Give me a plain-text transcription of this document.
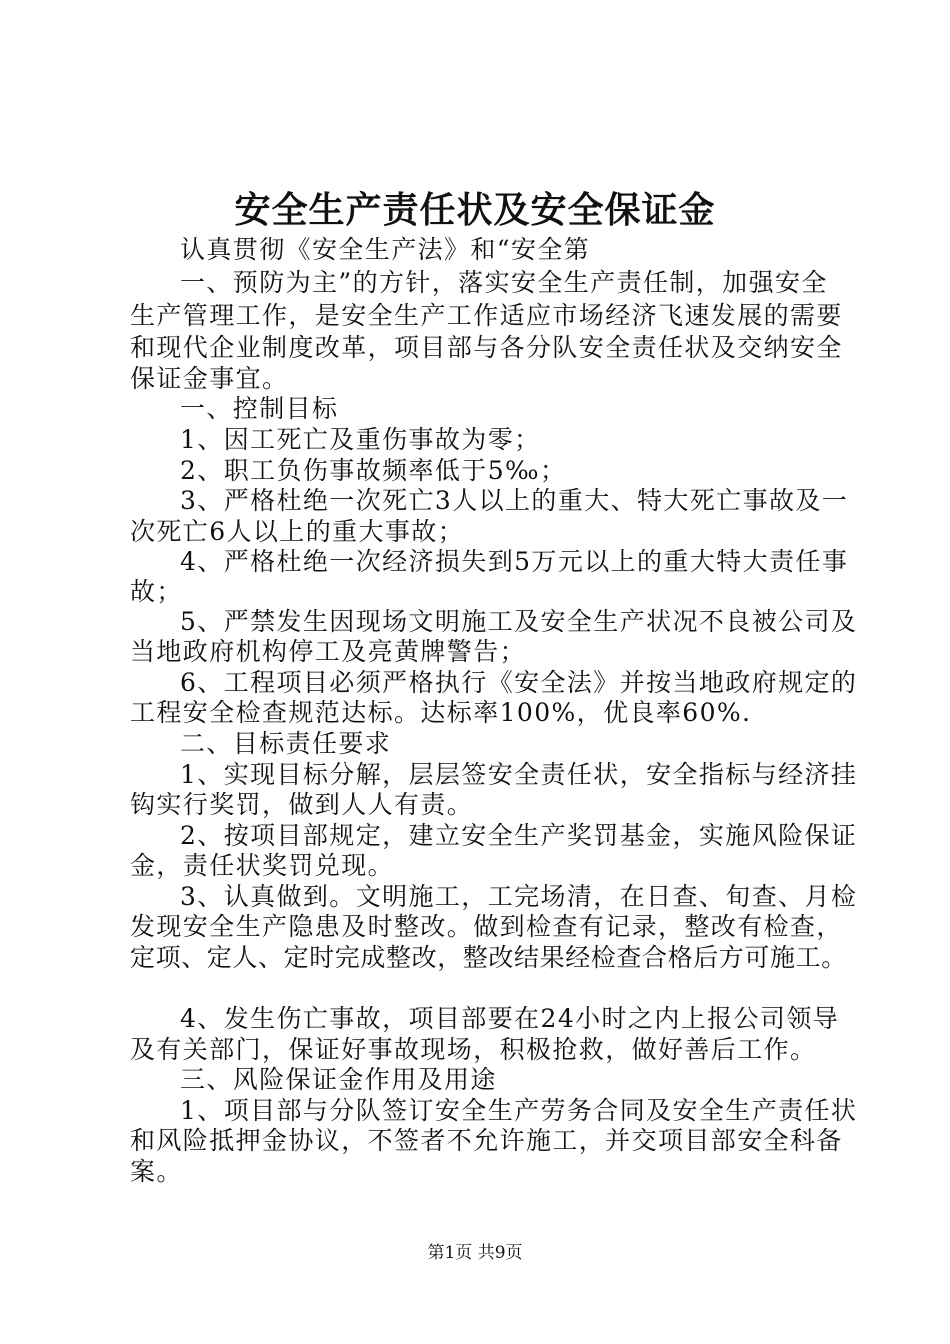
安全生产责任状及安全保证金
认真贯彻《安全生产法》和“安全第
一、预防为主”的方针，落实安全生产责任制，加强安全
生产管理工作，是安全生产工作适应市场经济飞速发展的需要
和现代企业制度改革，项目部与各分队安全责任状及交纳安全
保证金事宜。
一、控制目标
1、因工死亡及重伤事故为零；
2、职工负伤事故频率低于5‰；
3、严格杜绝一次死亡3人以上的重大、特大死亡事故及一
次死亡6人以上的重大事故；
4、严格杜绝一次经济损失到5万元以上的重大特大责任事
故；
5、严禁发生因现场文明施工及安全生产状况不良被公司及
当地政府机构停工及亮黄牌警告；
6、工程项目必须严格执行《安全法》并按当地政府规定的
工程安全检查规范达标。达标率100%，优良率60%.
二、目标责任要求
1、实现目标分解，层层签安全责任状，安全指标与经济挂
钩实行奖罚，做到人人有责。
2、按项目部规定，建立安全生产奖罚基金，实施风险保证
金，责任状奖罚兑现。
3、认真做到。文明施工，工完场清，在日查、旬查、月检
发现安全生产隐患及时整改。做到检查有记录，整改有检查，
定项、定人、定时完成整改，整改结果经检查合格后方可施工。
4、发生伤亡事故，项目部要在24小时之内上报公司领导
及有关部门，保证好事故现场，积极抢救，做好善后工作。
三、风险保证金作用及用途
1、项目部与分队签订安全生产劳务合同及安全生产责任状
和风险抵押金协议，不签者不允许施工，并交项目部安全科备
案。
第1页 共9页
